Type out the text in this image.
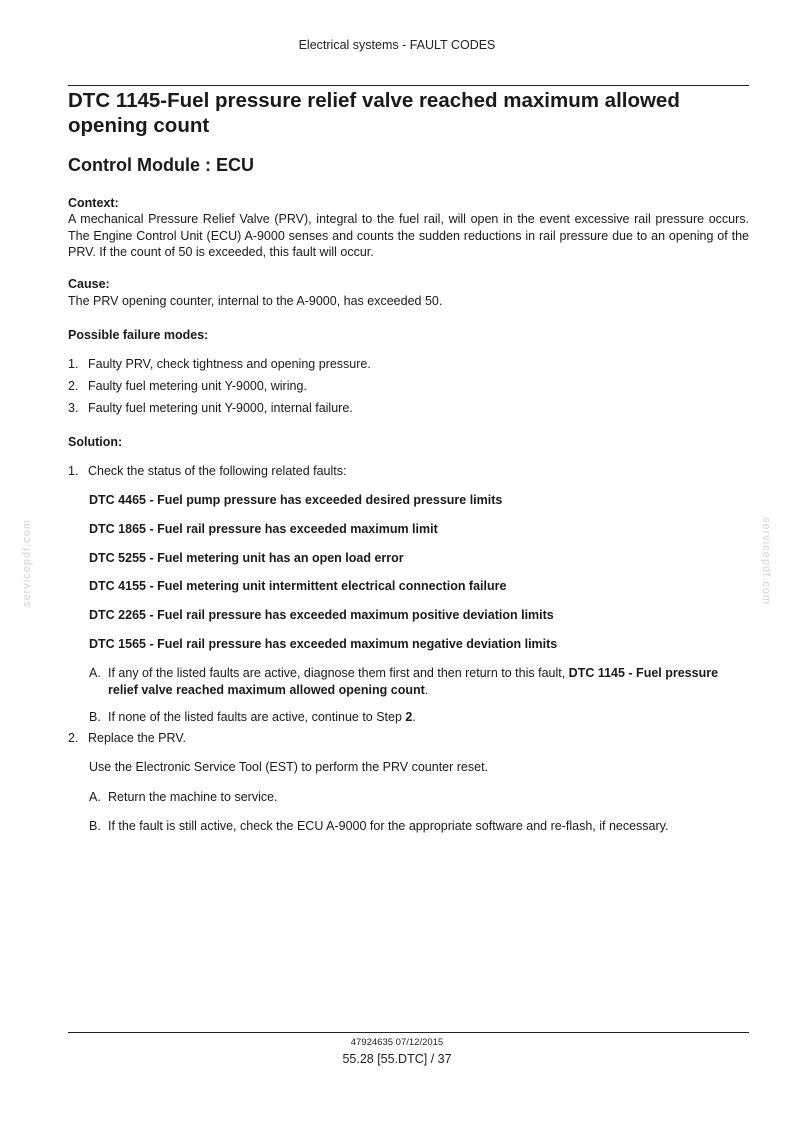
Electrical systems - FAULT CODES
DTC 1145-Fuel pressure relief valve reached maximum allowed opening count
Control Module : ECU
Context:
A mechanical Pressure Relief Valve (PRV), integral to the fuel rail, will open in the event excessive rail pressure occurs. The Engine Control Unit (ECU) A-9000 senses and counts the sudden reductions in rail pressure due to an opening of the PRV. If the count of 50 is exceeded, this fault will occur.
Cause:
The PRV opening counter, internal to the A-9000, has exceeded 50.
Possible failure modes:
1. Faulty PRV, check tightness and opening pressure.
2. Faulty fuel metering unit Y-9000, wiring.
3. Faulty fuel metering unit Y-9000, internal failure.
Solution:
1. Check the status of the following related faults:
DTC 4465 - Fuel pump pressure has exceeded desired pressure limits
DTC 1865 - Fuel rail pressure has exceeded maximum limit
DTC 5255 - Fuel metering unit has an open load error
DTC 4155 - Fuel metering unit intermittent electrical connection failure
DTC 2265 - Fuel rail pressure has exceeded maximum positive deviation limits
DTC 1565 - Fuel rail pressure has exceeded maximum negative deviation limits
A. If any of the listed faults are active, diagnose them first and then return to this fault, DTC 1145 - Fuel pressure relief valve reached maximum allowed opening count.
B. If none of the listed faults are active, continue to Step 2.
2. Replace the PRV.
Use the Electronic Service Tool (EST) to perform the PRV counter reset.
A. Return the machine to service.
B. If the fault is still active, check the ECU A-9000 for the appropriate software and re-flash, if necessary.
servicepdf.com	servicepdf.com
47924635 07/12/2015
55.28 [55.DTC] / 37
